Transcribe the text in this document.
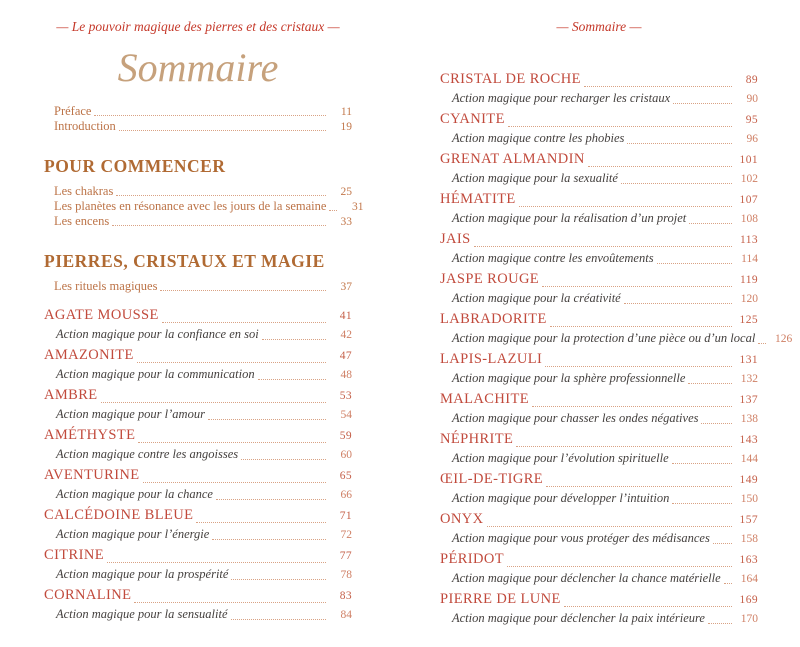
— Le pouvoir magique des pierres et des cristaux —
Sommaire
Préface	11
Introduction	19
POUR COMMENCER
Les chakras	25
Les planètes en résonance avec les jours de la semaine	31
Les encens	33
PIERRES, CRISTAUX ET MAGIE
Les rituels magiques	37
AGATE MOUSSE	41
Action magique pour la confiance en soi	42
AMAZONITE	47
Action magique pour la communication	48
AMBRE	53
Action magique pour l’amour	54
AMÉTHYSTE	59
Action magique contre les angoisses	60
AVENTURINE	65
Action magique pour la chance	66
CALCÉDOINE BLEUE	71
Action magique pour l’énergie	72
CITRINE	77
Action magique pour la prospérité	78
CORNALINE	83
Action magique pour la sensualité	84
— Sommaire —
CRISTAL DE ROCHE	89
Action magique pour recharger les cristaux	90
CYANITE	95
Action magique contre les phobies	96
GRENAT ALMANDIN	101
Action magique pour la sexualité	102
HÉMATITE	107
Action magique pour la réalisation d’un projet	108
JAIS	113
Action magique contre les envoûtements	114
JASPE ROUGE	119
Action magique pour la créativité	120
LABRADORITE	125
Action magique pour la protection d’une pièce ou d’un local 126
LAPIS-LAZULI	131
Action magique pour la sphère professionnelle	132
MALACHITE	137
Action magique pour chasser les ondes négatives	138
NÉPHRITE	143
Action magique pour l’évolution spirituelle	144
ŒIL-DE-TIGRE	149
Action magique pour développer l’intuition	150
ONYX	157
Action magique pour vous protéger des médisances	158
PÉRIDOT	163
Action magique pour déclencher la chance matérielle 164
PIERRE DE LUNE	169
Action magique pour déclencher la paix intérieure	170
